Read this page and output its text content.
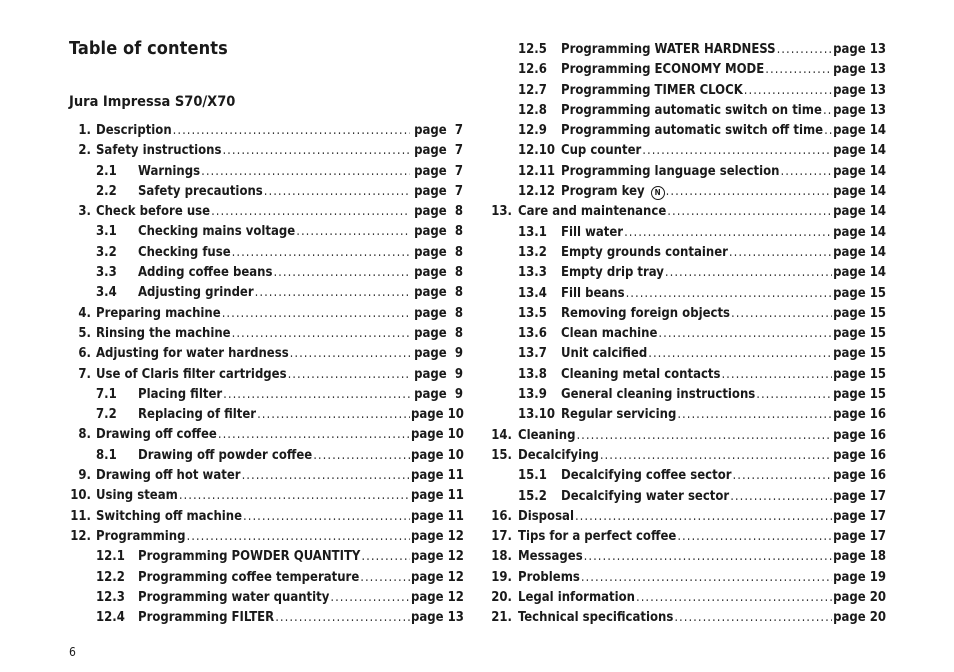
Table of contents
Jura Impressa S70/X70
1. Description .....	page  7
2. Safety instructions .....	page  7
2.1	Warnings .....	page  7
2.2	Safety precautions .....	page  7
3. Check before use .....	page  8
3.1	Checking mains voltage .....	page  8
3.2	Checking fuse .....	page  8
3.3	Adding coffee beans .....	page  8
3.4	Adjusting grinder .....	page  8
4. Preparing machine .....	page  8
5. Rinsing the machine .....	page  8
6. Adjusting for water hardness .....	page  9
7. Use of Claris filter cartridges .....	page  9
7.1	Placing filter .....	page  9
7.2	Replacing of filter .....	page 10
8. Drawing off coffee .....	page 10
8.1	Drawing off powder coffee .....	page 10
9. Drawing off hot water .....	page 11
10. Using steam .....	page 11
11. Switching off machine .....	page 11
12. Programming .....	page 12
12.1	Programming POWDER QUANTITY .....	page 12
12.2	Programming coffee temperature .....	page 12
12.3	Programming water quantity .....	page 12
12.4	Programming FILTER .....	page 13
12.5	Programming WATER HARDNESS .....	page 13
12.6	Programming ECONOMY MODE .....	page 13
12.7	Programming TIMER CLOCK .....	page 13
12.8	Programming automatic switch on time ..... page 13
12.9	Programming automatic switch off time ..... page 14
12.10 Cup counter .....	page 14
12.11 Programming language selection .....	page 14
12.12 Program key N .....	page 14
13. Care and maintenance .....	page 14
13.1	Fill water .....	page 14
13.2	Empty grounds container .....	page 14
13.3	Empty drip tray .....	page 14
13.4	Fill beans .....	page 15
13.5	Removing foreign objects .....	page 15
13.6	Clean machine .....	page 15
13.7	Unit calcified .....	page 15
13.8	Cleaning metal contacts .....	page 15
13.9	General cleaning instructions .....	page 15
13.10 Regular servicing .....	page 16
14. Cleaning .....	page 16
15. Decalcifying .....	page 16
15.1	Decalcifying coffee sector .....	page 16
15.2	Decalcifying water sector .....	page 17
16. Disposal .....	page 17
17. Tips for a perfect coffee .....	page 17
18. Messages .....	page 18
19. Problems .....	page 19
20. Legal information .....	page 20
21. Technical specifications .....	page 20
6
